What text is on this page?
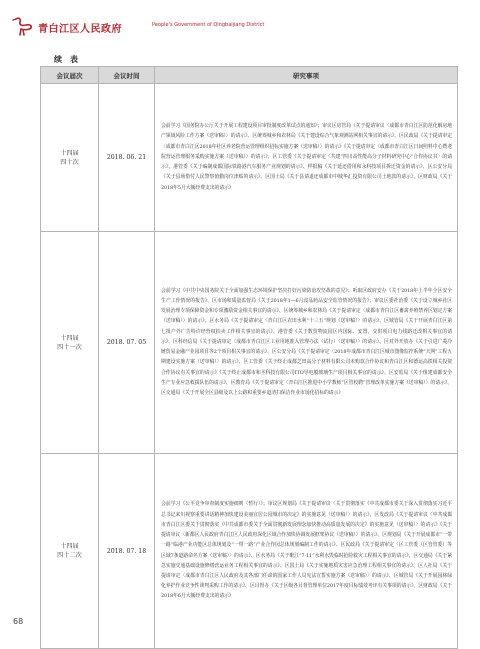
青白江区人民政府	People's Government of Qingbaijiang District
续　表
会议届次	会议时间	研究事项
十四届
四十次	2018. 06. 21	会前学习《国务院办公厅关于开展工程建设项目审批制度改革试点的通知》；审议区房管局《关于提请审议〈成都市青白江区防范化解房地产领域风险工作方案（送审稿）〉的请示》、区统筹城乡和农林局《关于建设综合气象观测站网相关事宜的请示》、区民政局《关于提请审定〈成都市青白江区2018年社区养老院营运管理组织招标实施方案（送审稿）〉的请示》《关于提请审定〈成都市青白江区日间照料中心暨老院营运管理服务采购实施方案（送审稿）〉的请示》、区工管委《关于提请审定〈共建“四川高性能高分子材料研究中心”合作协议书〉的请示》、港管委《关于编制成都国际铁路港汽车服务产业规划的请示》、样报稿《关于延还借用和永科技项目拆迁资金的请示》、区公安分局《关于县场借付人民警察值勤岗位津贴的请示》、区国土局《关于县请退还成都市中城华汇投资有限公司土地款的请示》、区财政局《关于2018年5月大额经费支出的请示》
十四届
四十一次	2018. 07. 05	会前学习《中共中央国务院关于全面加强生态环境保护坚决打好污染防治攻坚战的意见》；听取区政府安办《关于2018年上半年全区安全生产工作情况的报告》、区市场和质量监督局《关于2018年1—6月食品药品安全监管情况的报告》；审议区委社治委《关于设立城乡社区发展治理专项保障资金和专项激励资金相关事宜的请示》、区统筹城乡和农林局《关于提请审定〈成都市青白江区畜禽养殖禁养区划定方案（送审稿）〉的请示》、区水务局《关于提请审定〈青白江区农田水利“十三五”规划（送审稿）〉的请示》、区城管局《关于开展青白江区第七批户外广告特许经营权拍卖工作相关事宜的请示》、港管委《关于数贸物流园区内国际、安置、交供项目电力线路迁改相关事宜的请示》、区科经信局《关于提请审定〈成都市青白江区工业用地准入管理办法（试行）（送审稿）〉的请示》、区对外开放办《关于引进广菱冷链贸易金融产业园项目等2个项目相关事宜的请示》、区公安分局《关于提请审定〈2018年成都市青白江区城市图像监控系统“天网”工程五期建设实施方案（送审稿）〉的请示》、区工管委《关于终止成都芝田高分子材料有限公司未购款合作协议和青白江区和德运高铁相关投资合作协议有关事宜的请示》《关于终止成都市和圣科技有限公司ITO导电膜玻璃生产项目相关事宜的请示》、区安监局《关于组建成都安全生产专业应急救援队伍的请示》、区教育局《关于提请审定〈青白江区推进中小学教师“区管校聘”管理改革实施方案（送审稿）〉的请示》、区交通局《关于开展全区县级及以上公路和重要乡道清扫保洁作业市场化招标的请示》
十四届
四十二次	2018. 07. 18	会前学习《公平竞争审查制度实施细则（暂行）》；审议区规划局《关于提请审议〈关于贯彻落实《中共成都市委关于深入贯彻落实习近平总书记来川视察重要讲话精神加快建设美丽宜居公园城市的决定》的实施意见（送审稿）〉的请示》、区发改局《关于提请审议〈中共成都市青白江区委关于贯彻落实《中共成都市委关于全面贯彻新发展理念加快推动高质量发展的决定》的实施意见（送审稿）〉的请示》《关于提请审议〈新都区人民政府青白江区人民政府深化区域合作加快协调发展框架协议（送审稿）〉的请示》、区规划局《关于开展成都市“一带一路”临港产业功能区总体规划及“一带一路”产业合作园总体规划编制工作的请示》、区民政局《关于提请审定〈区工管委（区管管委）等区域7条道路命名方案（送审稿）〉的请示》、区水务局《关于毗江“7·11”水利水毁临时抢险救灾工程相关事宜的请示》、区交通局《关于紧急实施交通基础设施修缮营运业务工程相关事宜的请示》、区国土局《关于实施地质灾害应急治理工程相关事宜的请示》、区人社局《关于提请审定〈成都市青白江区人民政府及其各部门任命的国家工作人员宪法宣誓实施方案（送审稿）〉的请示》、区城管局《关于开展园林绿化养护作业竞争性谈判采购工作的请示》、区目督办《关于区级各目督管理单位2017年度目标绩效考评有关事项的请示》、区财政局《关于2018年6月大额经费支出的请示》
68
